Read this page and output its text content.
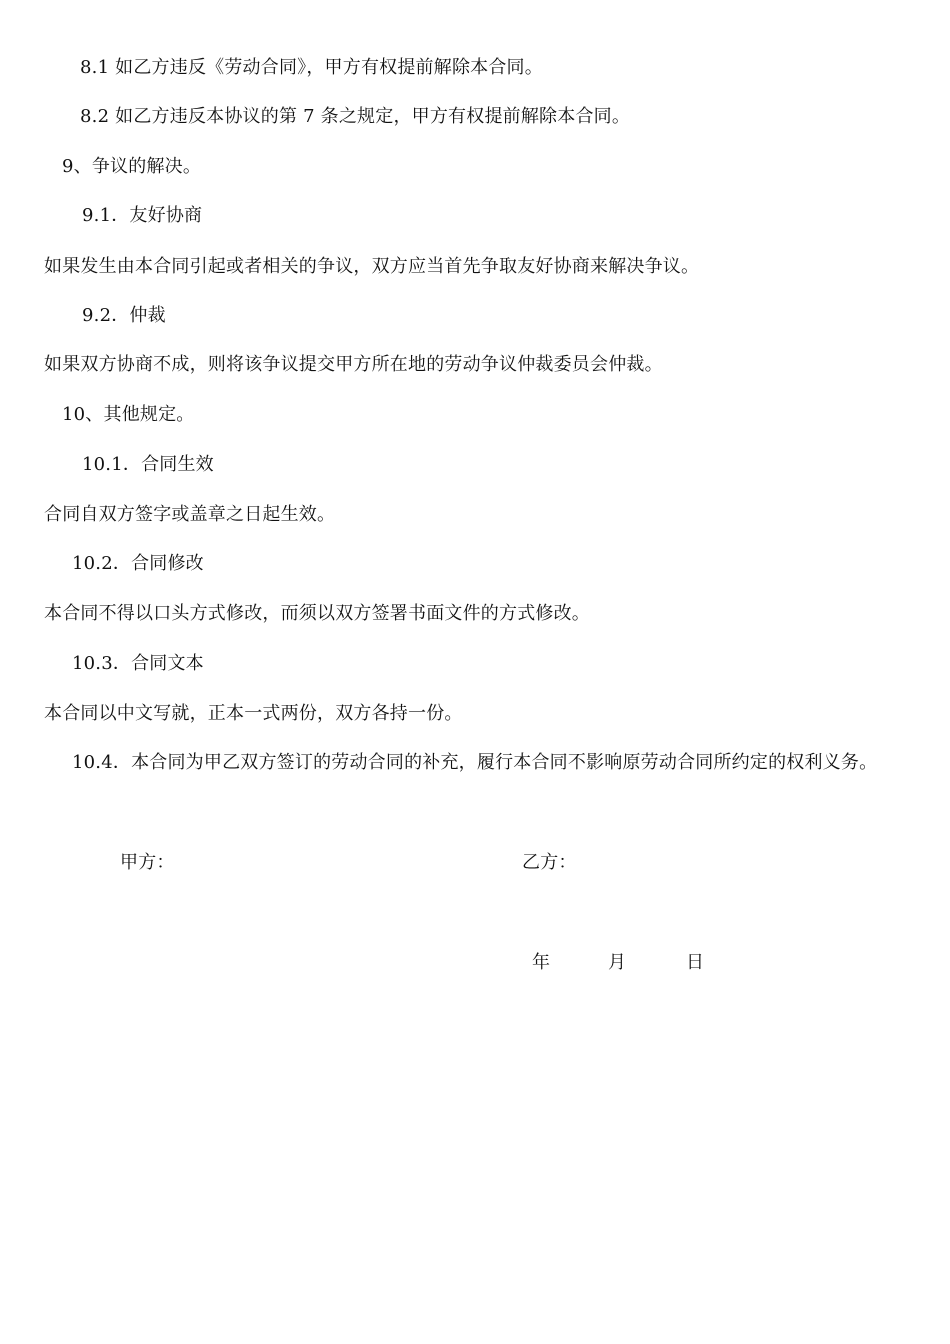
8.1 如乙方违反《劳动合同》，甲方有权提前解除本合同。
8.2 如乙方违反本协议的第 7 条之规定，甲方有权提前解除本合同。
9、争议的解决。
9.1．友好协商
如果发生由本合同引起或者相关的争议，双方应当首先争取友好协商来解决争议。
9.2．仲裁
如果双方协商不成，则将该争议提交甲方所在地的劳动争议仲裁委员会仲裁。
10、其他规定。
10.1．合同生效
合同自双方签字或盖章之日起生效。
10.2．合同修改
本合同不得以口头方式修改，而须以双方签署书面文件的方式修改。
10.3．合同文本
本合同以中文写就，正本一式两份，双方各持一份。
10.4．本合同为甲乙双方签订的劳动合同的补充，履行本合同不影响原劳动合同所约定的权利义务。
甲方：	乙方：
年	月	日
